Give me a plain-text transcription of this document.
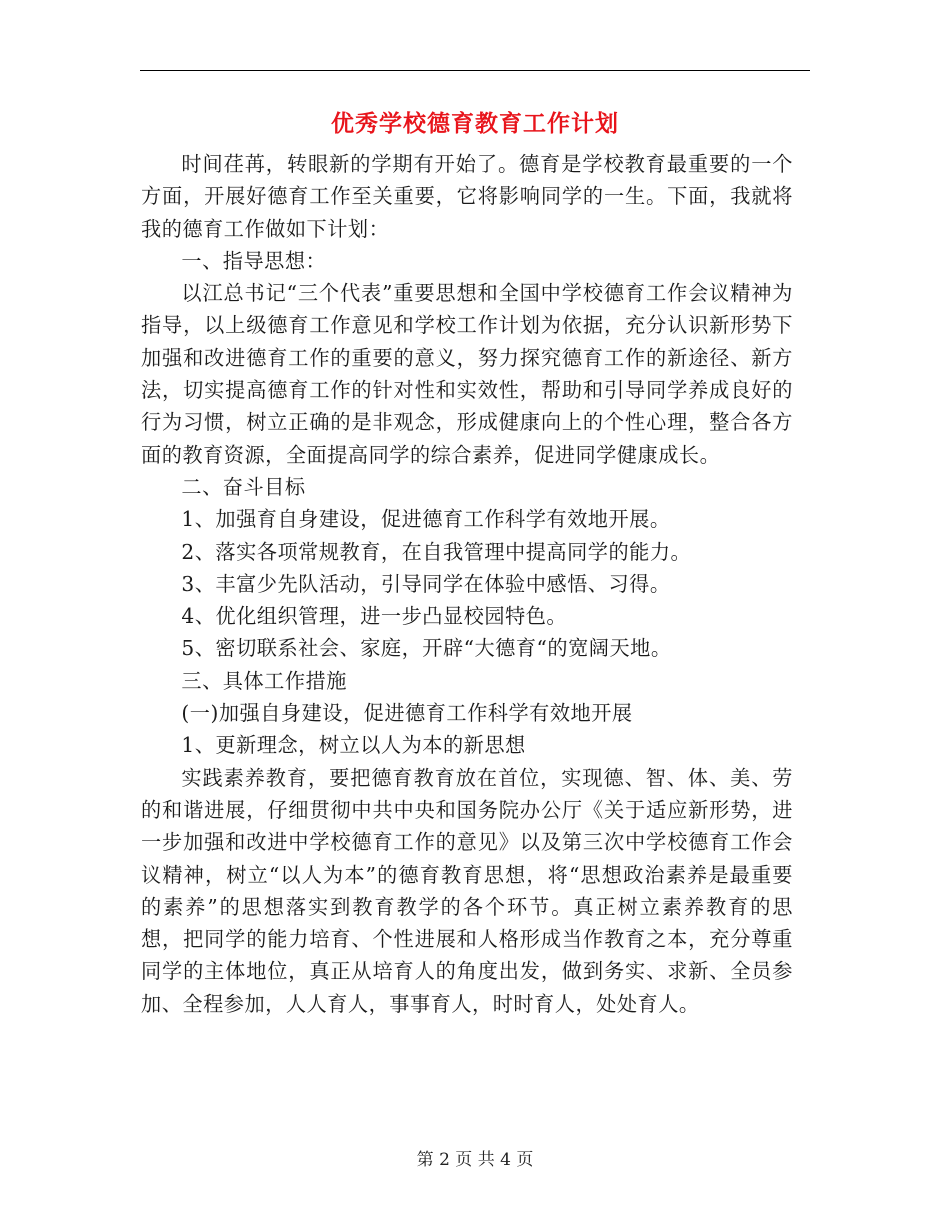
优秀学校德育教育工作计划

时间荏苒，转眼新的学期有开始了。德育是学校教育最重要的一个方面，开展好德育工作至关重要，它将影响同学的一生。下面，我就将我的德育工作做如下计划：

一、指导思想：

以江总书记“三个代表”重要思想和全国中学校德育工作会议精神为指导，以上级德育工作意见和学校工作计划为依据，充分认识新形势下加强和改进德育工作的重要的意义，努力探究德育工作的新途径、新方法，切实提高德育工作的针对性和实效性，帮助和引导同学养成良好的行为习惯，树立正确的是非观念，形成健康向上的个性心理，整合各方面的教育资源，全面提高同学的综合素养，促进同学健康成长。

二、奋斗目标

1、加强育自身建设，促进德育工作科学有效地开展。

2、落实各项常规教育，在自我管理中提高同学的能力。

3、丰富少先队活动，引导同学在体验中感悟、习得。

4、优化组织管理，进一步凸显校园特色。

5、密切联系社会、家庭，开辟“大德育“的宽阔天地。

三、具体工作措施

(一)加强自身建设，促进德育工作科学有效地开展

1、更新理念，树立以人为本的新思想

实践素养教育，要把德育教育放在首位，实现德、智、体、美、劳的和谐进展，仔细贯彻中共中央和国务院办公厅《关于适应新形势，进一步加强和改进中学校德育工作的意见》以及第三次中学校德育工作会议精神，树立“以人为本”的德育教育思想，将“思想政治素养是最重要的素养”的思想落实到教育教学的各个环节。真正树立素养教育的思想，把同学的能力培育、个性进展和人格形成当作教育之本，充分尊重同学的主体地位，真正从培育人的角度出发，做到务实、求新、全员参加、全程参加，人人育人，事事育人，时时育人，处处育人。

第 2 页 共 4 页
